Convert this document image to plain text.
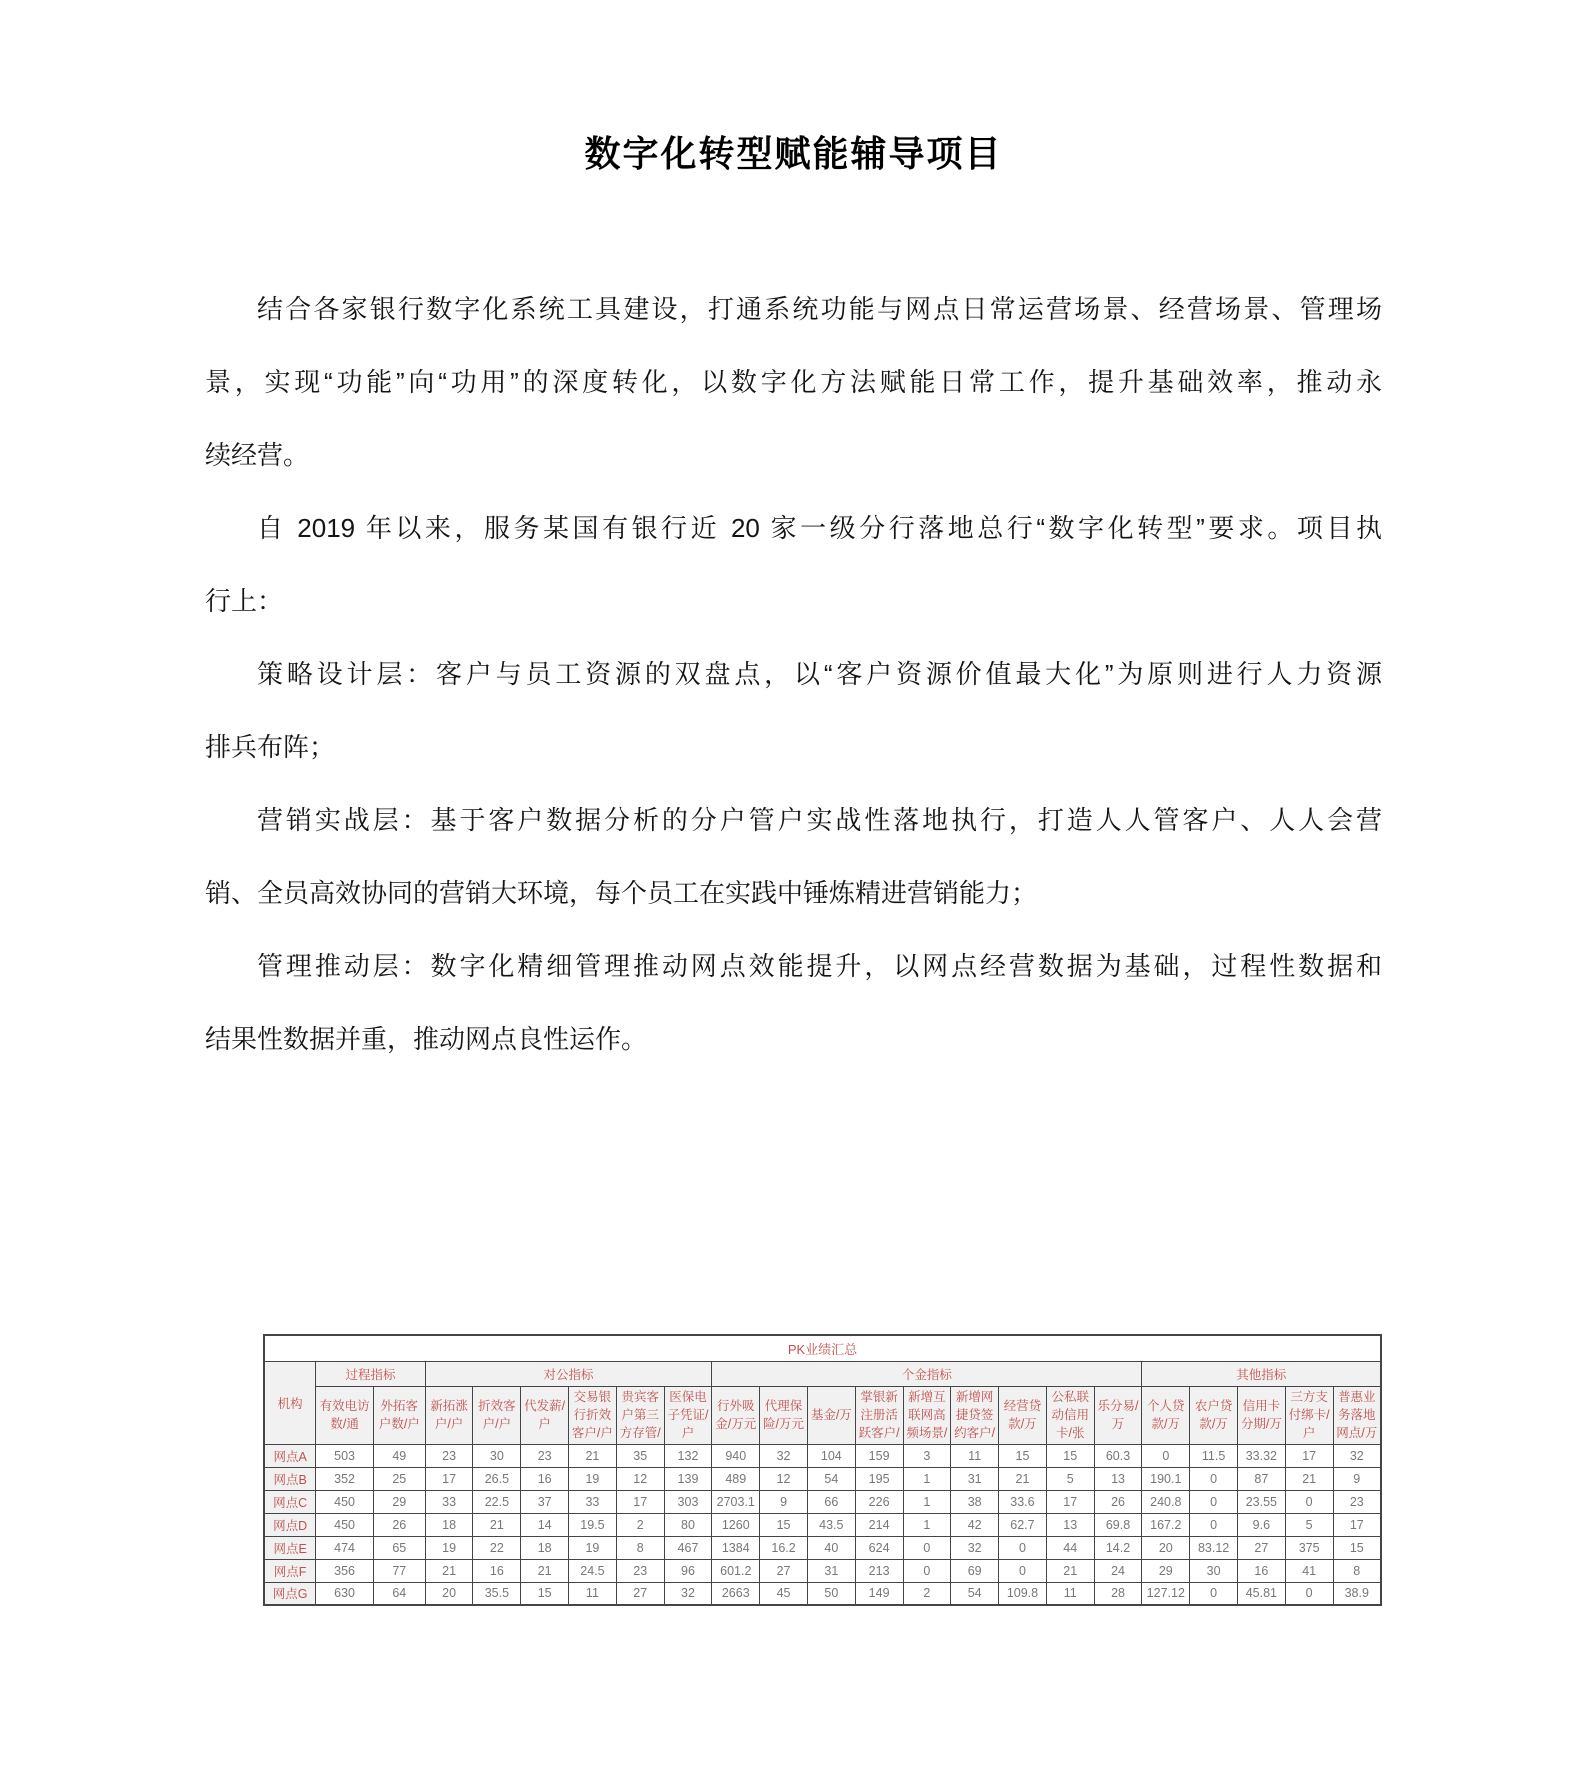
数字化转型赋能辅导项目
结合各家银行数字化系统工具建设，打通系统功能与网点日常运营场景、经营场景、管理场
景，实现“功能”向“功用”的深度转化，以数字化方法赋能日常工作，提升基础效率，推动永
续经营。
自 2019 年以来，服务某国有银行近 20 家一级分行落地总行“数字化转型”要求。项目执
行上：
策略设计层：客户与员工资源的双盘点，以“客户资源价值最大化”为原则进行人力资源
排兵布阵；
营销实战层：基于客户数据分析的分户管户实战性落地执行，打造人人管客户、人人会营
销、全员高效协同的营销大环境，每个员工在实践中锤炼精进营销能力；
管理推动层：数字化精细管理推动网点效能提升，以网点经营数据为基础，过程性数据和
结果性数据并重，推动网点良性运作。
PK业绩汇总																						
机构	过程指标		对公指标						个金指标									其他指标				
	有效电访数/通	外拓客户数/户	新拓涨户/户	折效客户/户	代发薪/户	交易银行折效客户/户	贵宾客户第三方存管/	医保电子凭证/户	行外吸金/万元	代理保险/万元	基金/万	掌银新注册活跃客户/	新增互联网高频场景/	新增网捷贷签约客户/	经营贷款/万	公私联动信用卡/张	乐分易/万	个人贷款/万	农户贷款/万	信用卡分期/万	三方支付绑卡/户	普惠业务落地网点/万
网点A	503	49	23	30	23	21	35	132	940	32	104	159	3	11	15	15	60.3	0	11.5	33.32	17	32
网点B	352	25	17	26.5	16	19	12	139	489	12	54	195	1	31	21	5	13	190.1	0	87	21	9
网点C	450	29	33	22.5	37	33	17	303	2703.1	9	66	226	1	38	33.6	17	26	240.8	0	23.55	0	23
网点D	450	26	18	21	14	19.5	2	80	1260	15	43.5	214	1	42	62.7	13	69.8	167.2	0	9.6	5	17
网点E	474	65	19	22	18	19	8	467	1384	16.2	40	624	0	32	0	44	14.2	20	83.12	27	375	15
网点F	356	77	21	16	21	24.5	23	96	601.2	27	31	213	0	69	0	21	24	29	30	16	41	8
网点G	630	64	20	35.5	15	11	27	32	2663	45	50	149	2	54	109.8	11	28	127.12	0	45.81	0	38.9
